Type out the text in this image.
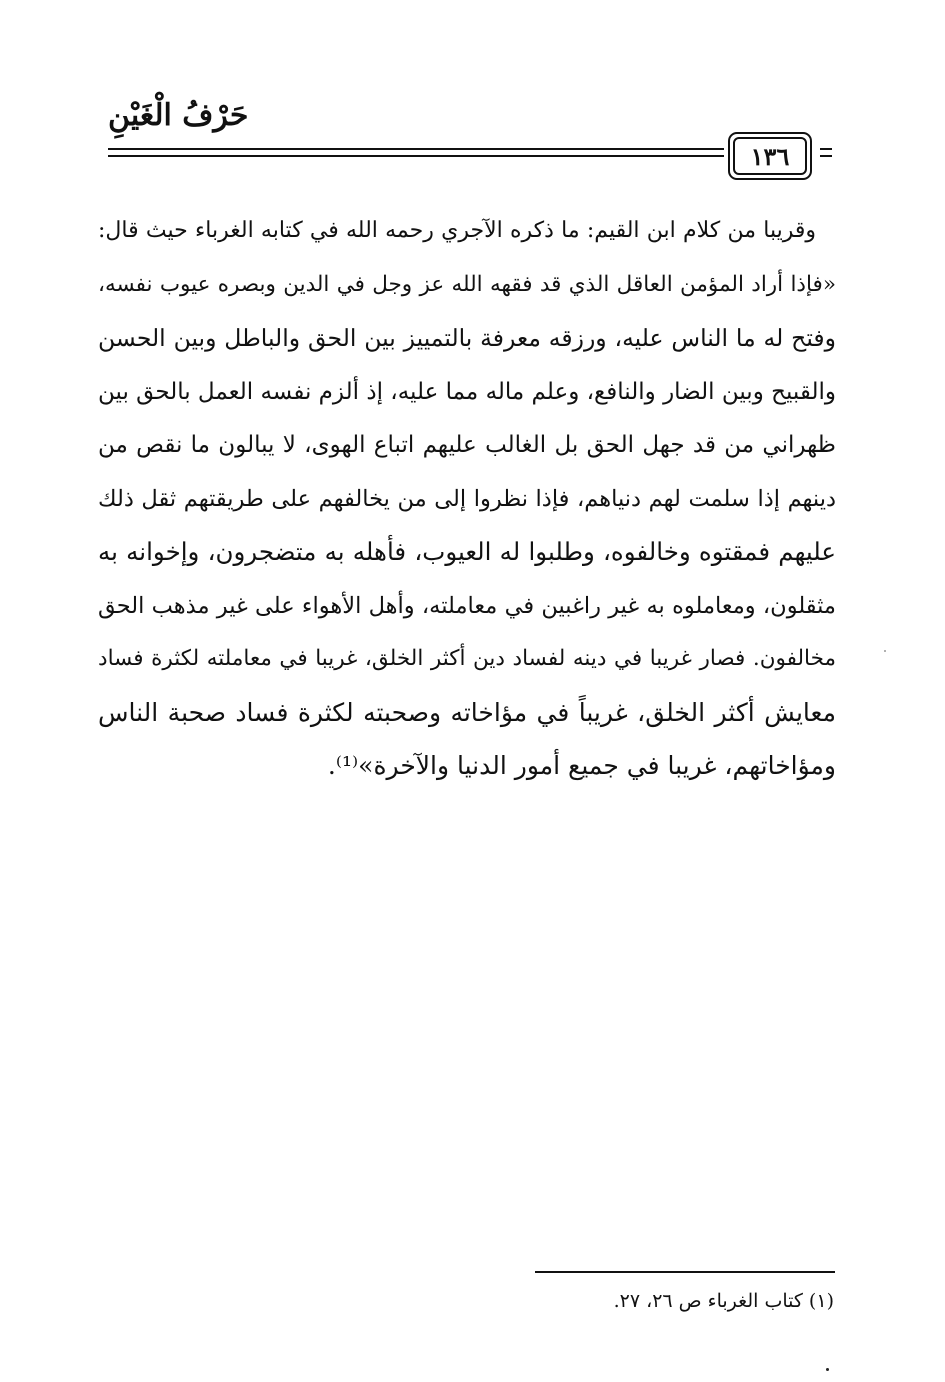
حَرْفُ الْغَيْنِ
١٣٦
وقريبا من كلام ابن القيم: ما ذكره الآجري رحمه الله في كتابه الغرباء حيث قال:
«فإذا أراد المؤمن العاقل الذي قد فقهه الله عز وجل في الدين وبصره عيوب نفسه،
وفتح له ما الناس عليه، ورزقه معرفة بالتمييز بين الحق والباطل وبين الحسن
والقبيح وبين الضار والنافع، وعلم ماله مما عليه، إذ ألزم نفسه العمل بالحق بين
ظهراني من قد جهل الحق بل الغالب عليهم اتباع الهوى، لا يبالون ما نقص من
دينهم إذا سلمت لهم دنياهم، فإذا نظروا إلى من يخالفهم على طريقتهم ثقل ذلك
عليهم فمقتوه وخالفوه، وطلبوا له العيوب، فأهله به متضجرون، وإخوانه به
مثقلون، ومعاملوه به غير راغبين في معاملته، وأهل الأهواء على غير مذهب الحق
مخالفون. فصار غريبا في دينه لفساد دين أكثر الخلق، غريبا في معاملته لكثرة فساد
معايش أكثر الخلق، غريباً في مؤاخاته وصحبته لكثرة فساد صحبة الناس
ومؤاخاتهم، غريبا في جميع أمور الدنيا والآخرة»⁽¹⁾.
(١) كتاب الغرباء ص ٢٦، ٢٧.
